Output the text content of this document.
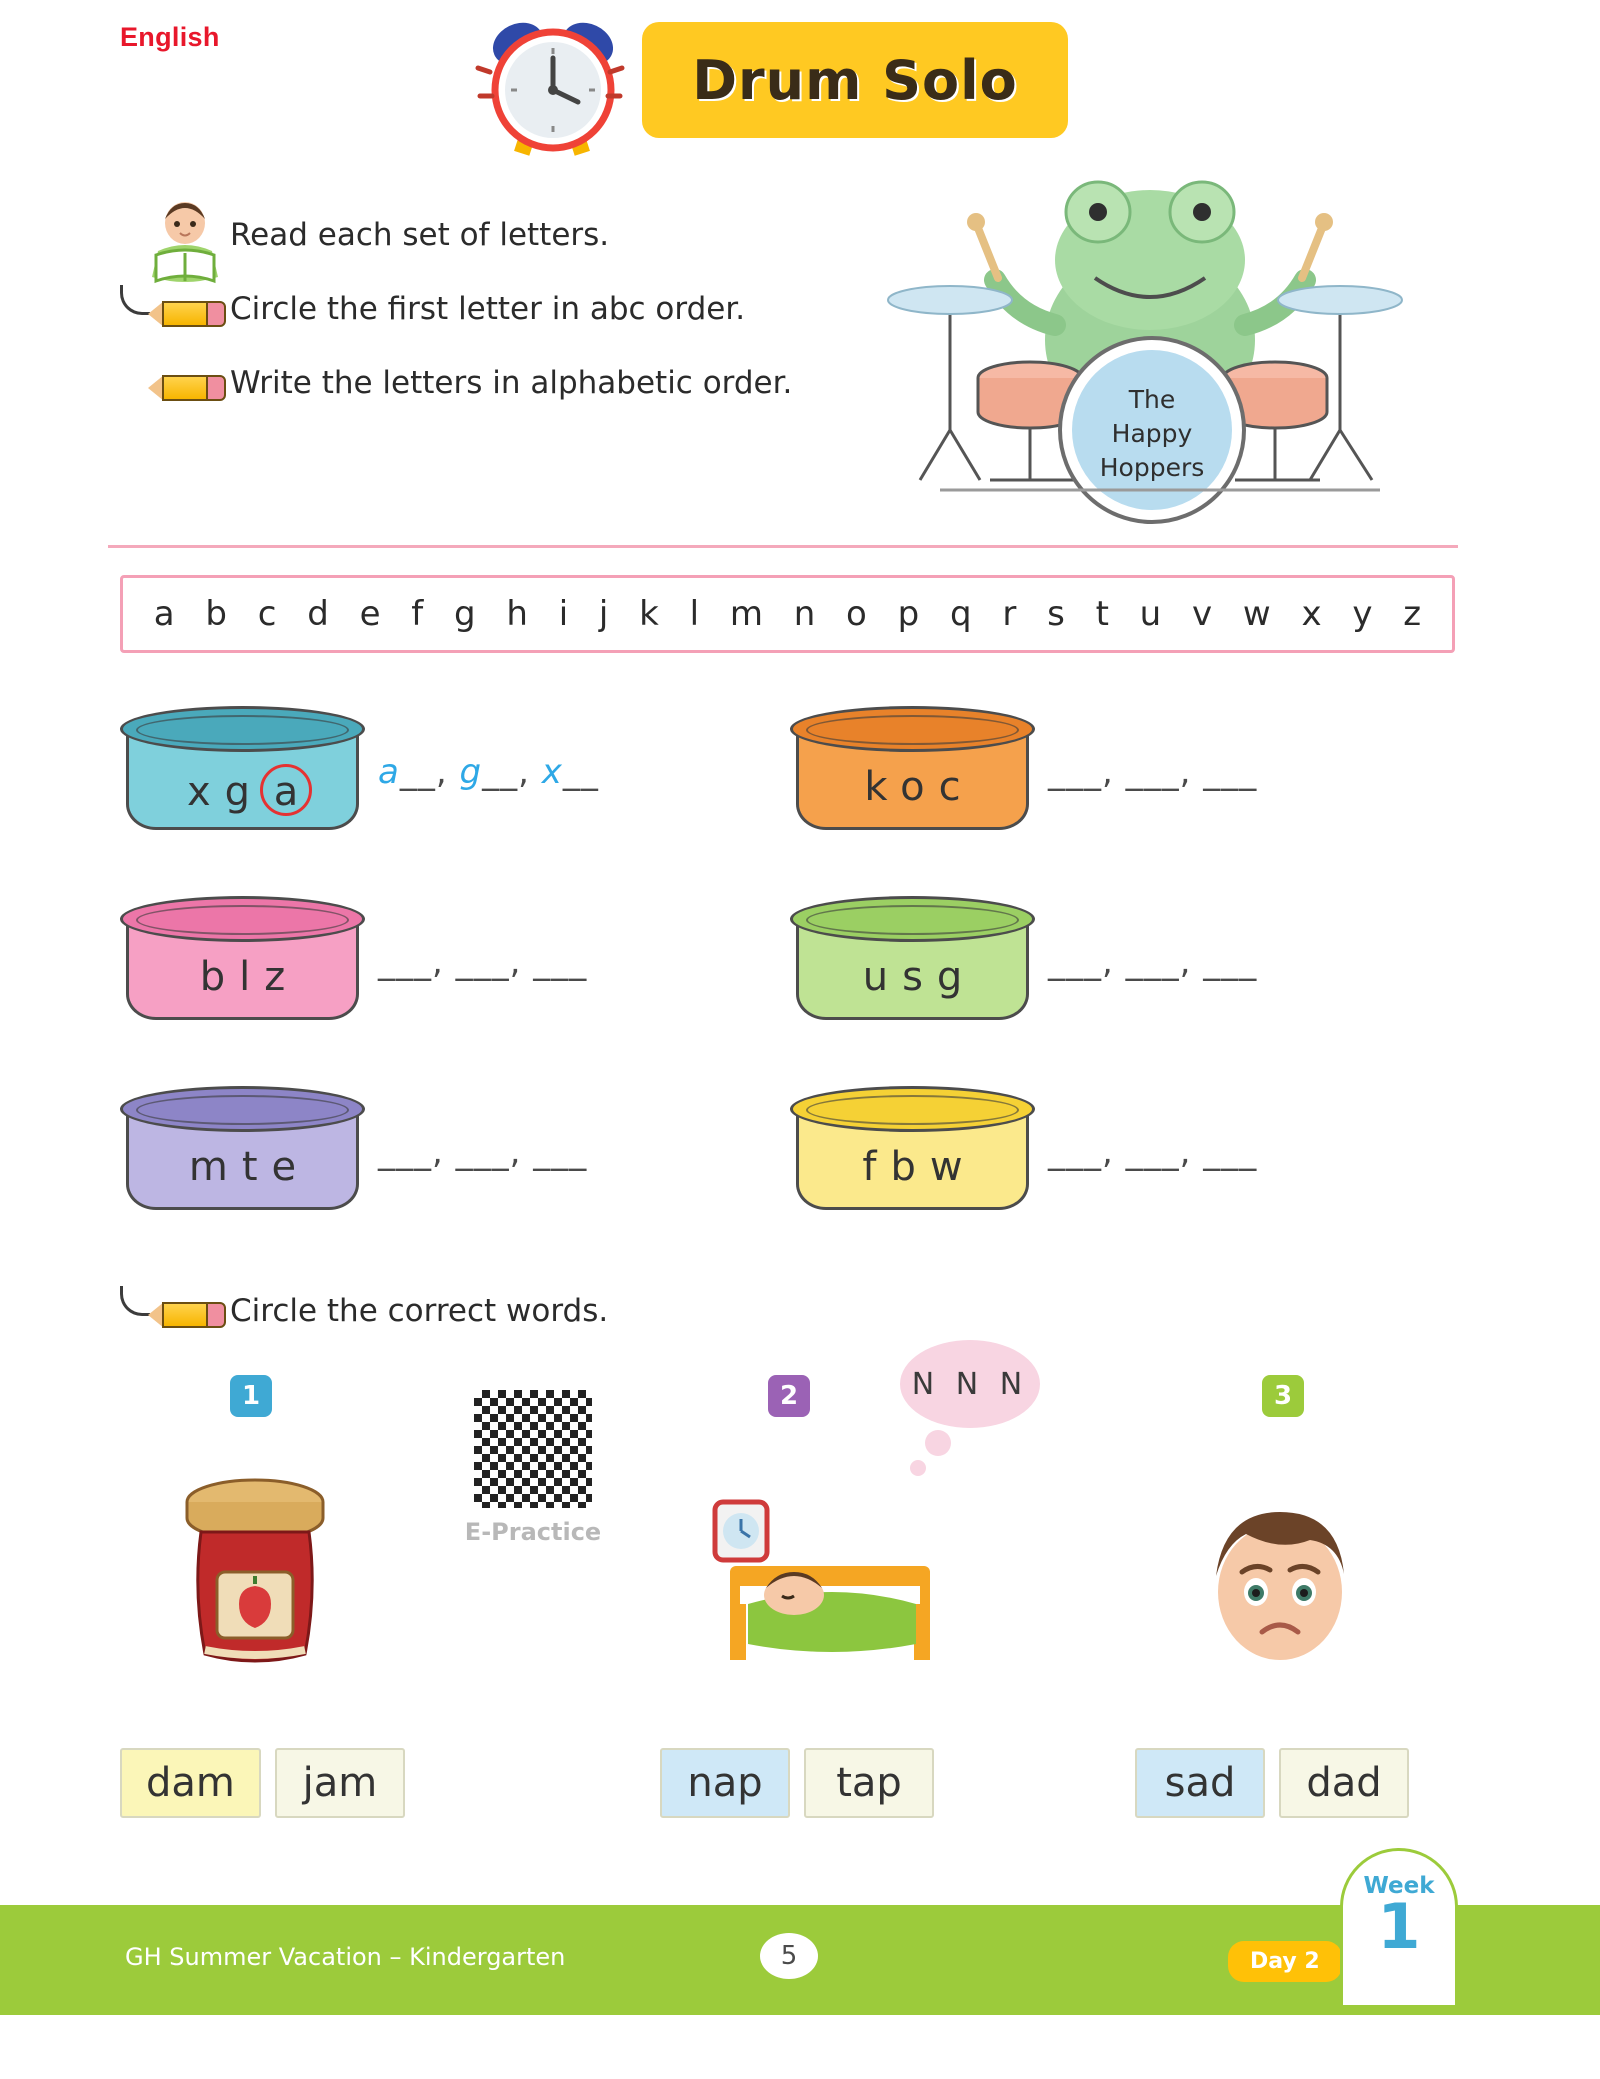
English
Drum Solo
Read each set of letters.
Circle the first letter in abc order.
Write the letters in alphabetic order.	The
Happy
Hoppers
a b c d e f g h i j k l m n o p q r s t u v w x y z
xg a	a__, g__, x__	koc	___, ___, ___
blz	___, ___, ___	usg	___, ___, ___
mte	___, ___, ___	fbw	___, ___, ___
Circle the correct words.
1
dam	jam
E-Practice
2	N N N
nap	tap
3
sad	dad
GH Summer Vacation – Kindergarten	5	Day 2
Week
1
